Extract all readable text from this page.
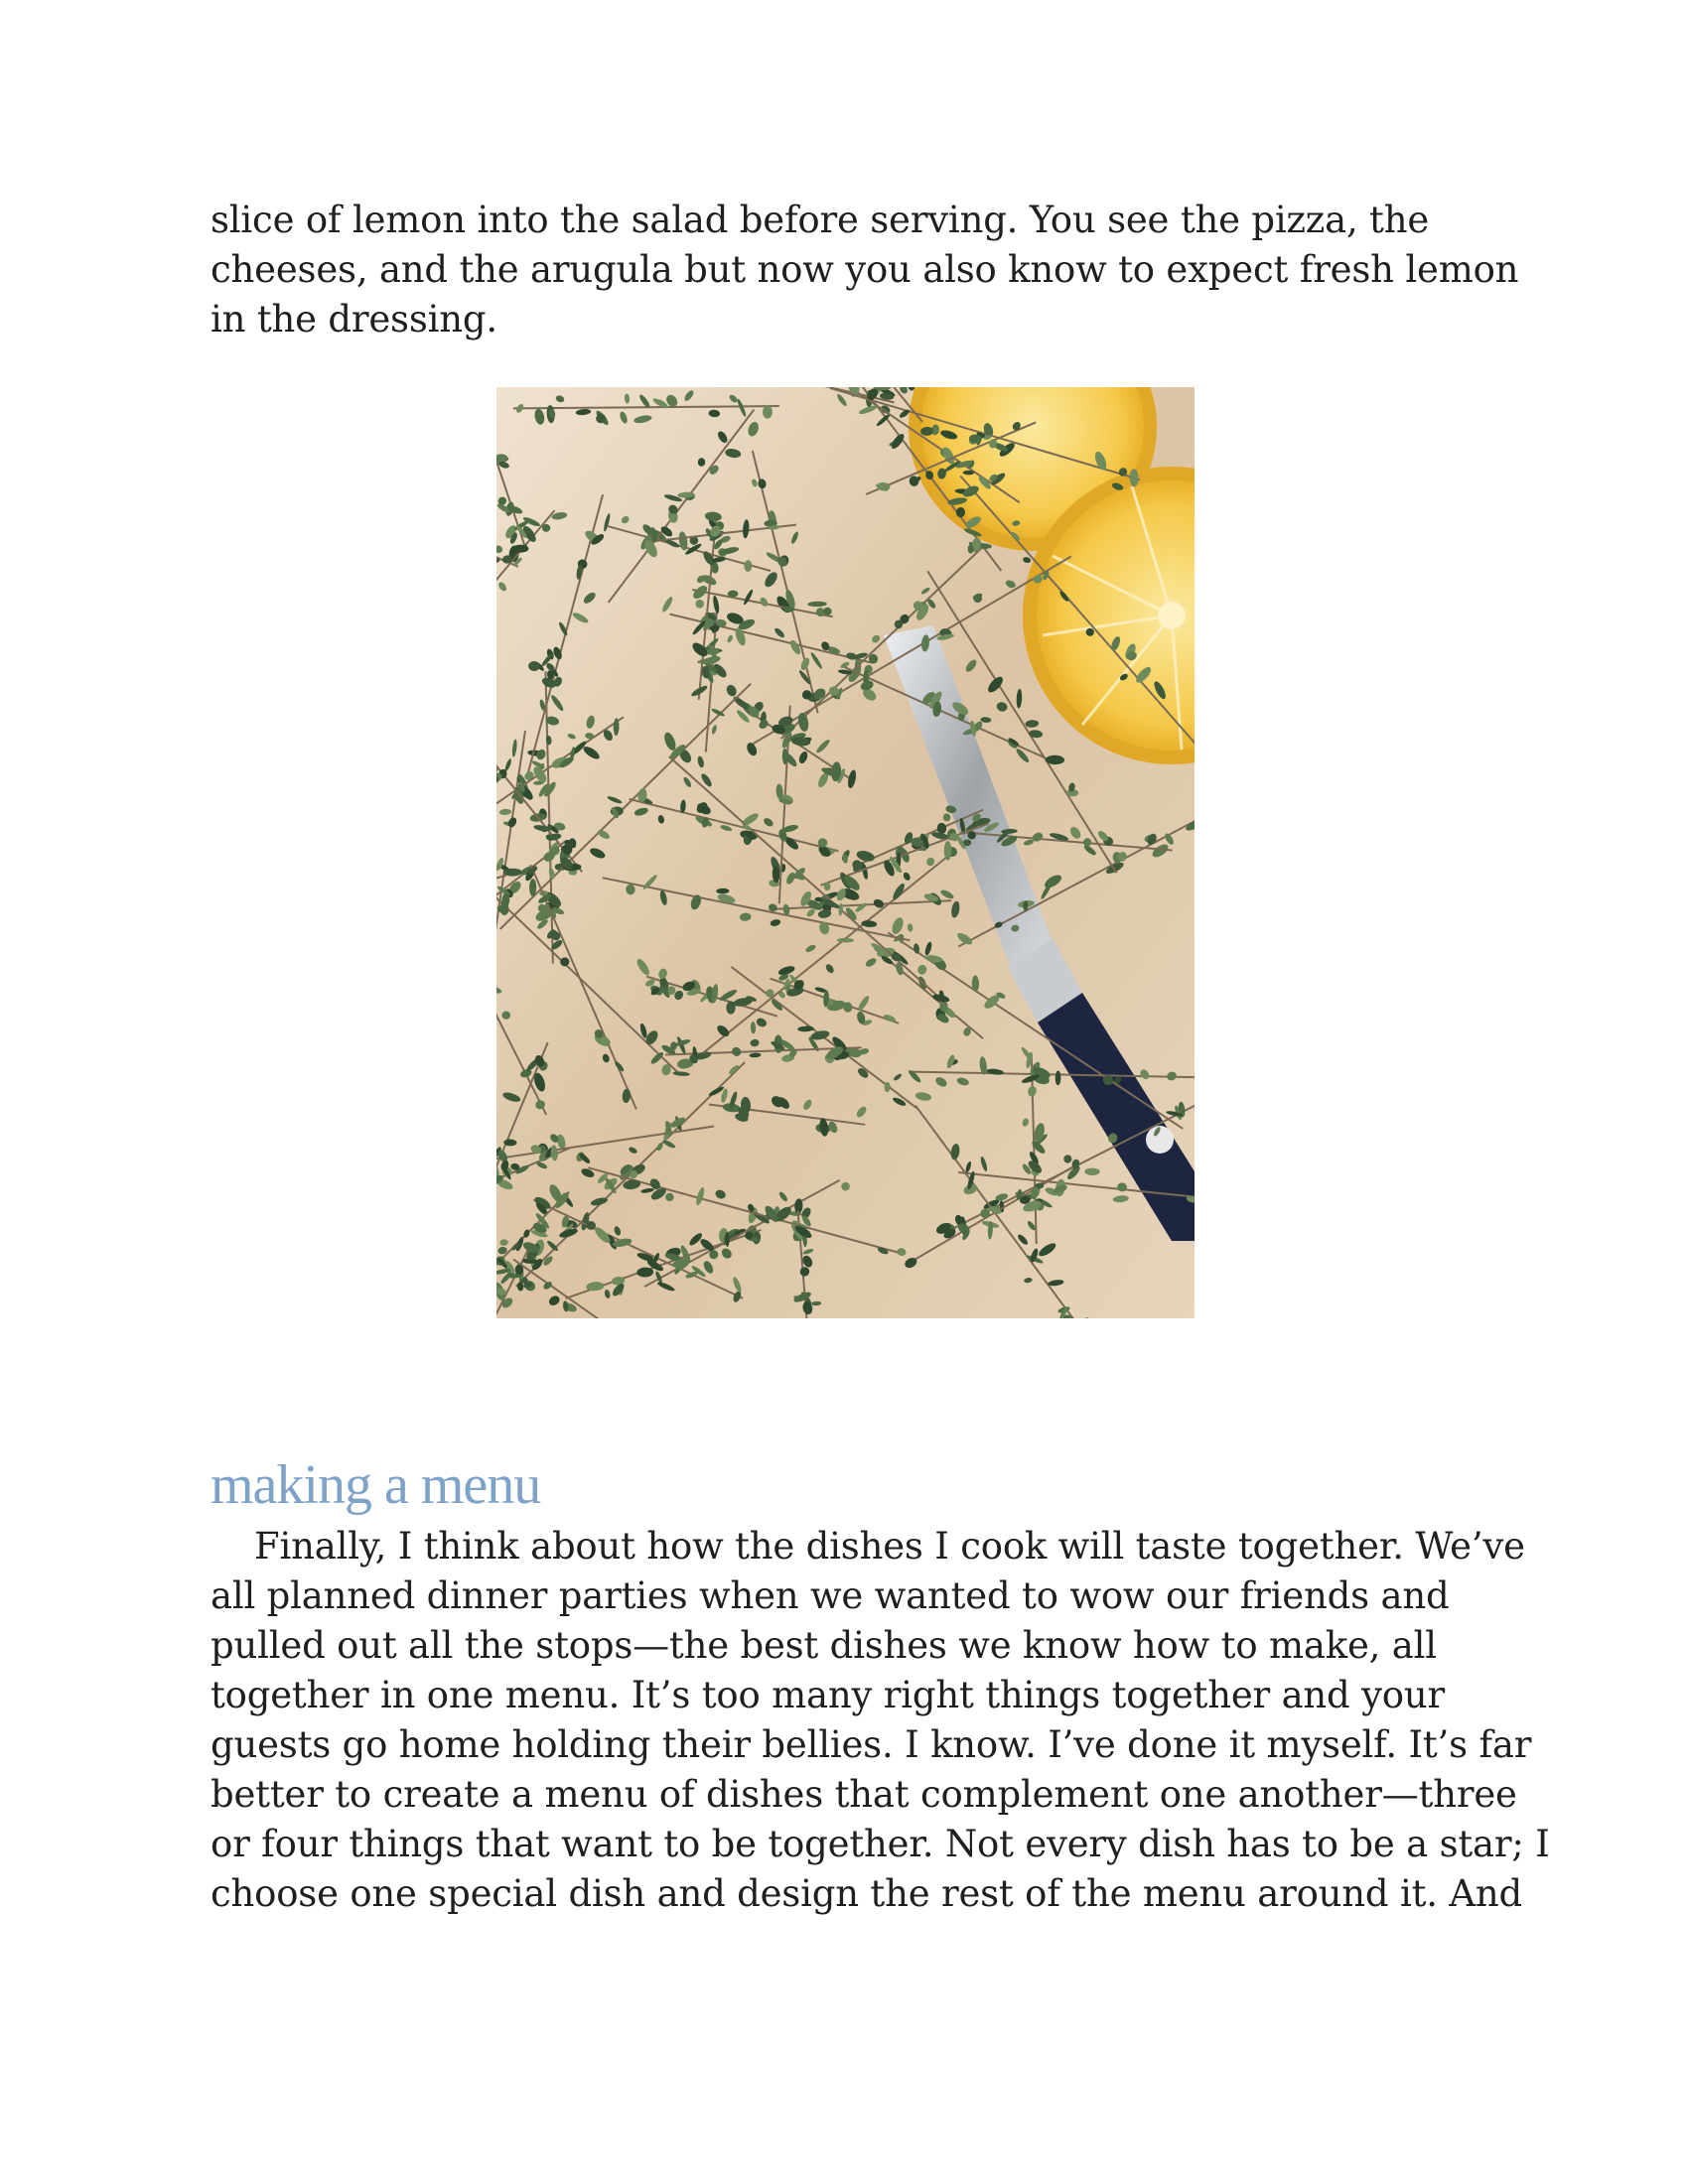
slice of lemon into the salad before serving. You see the pizza, the
cheeses, and the arugula but now you also know to expect fresh lemon
in the dressing.
making a menu
Finally, I think about how the dishes I cook will taste together. We’ve
all planned dinner parties when we wanted to wow our friends and
pulled out all the stops—the best dishes we know how to make, all
together in one menu. It’s too many right things together and your
guests go home holding their bellies. I know. I’ve done it myself. It’s far
better to create a menu of dishes that complement one another—three
or four things that want to be together. Not every dish has to be a star; I
choose one special dish and design the rest of the menu around it. And
